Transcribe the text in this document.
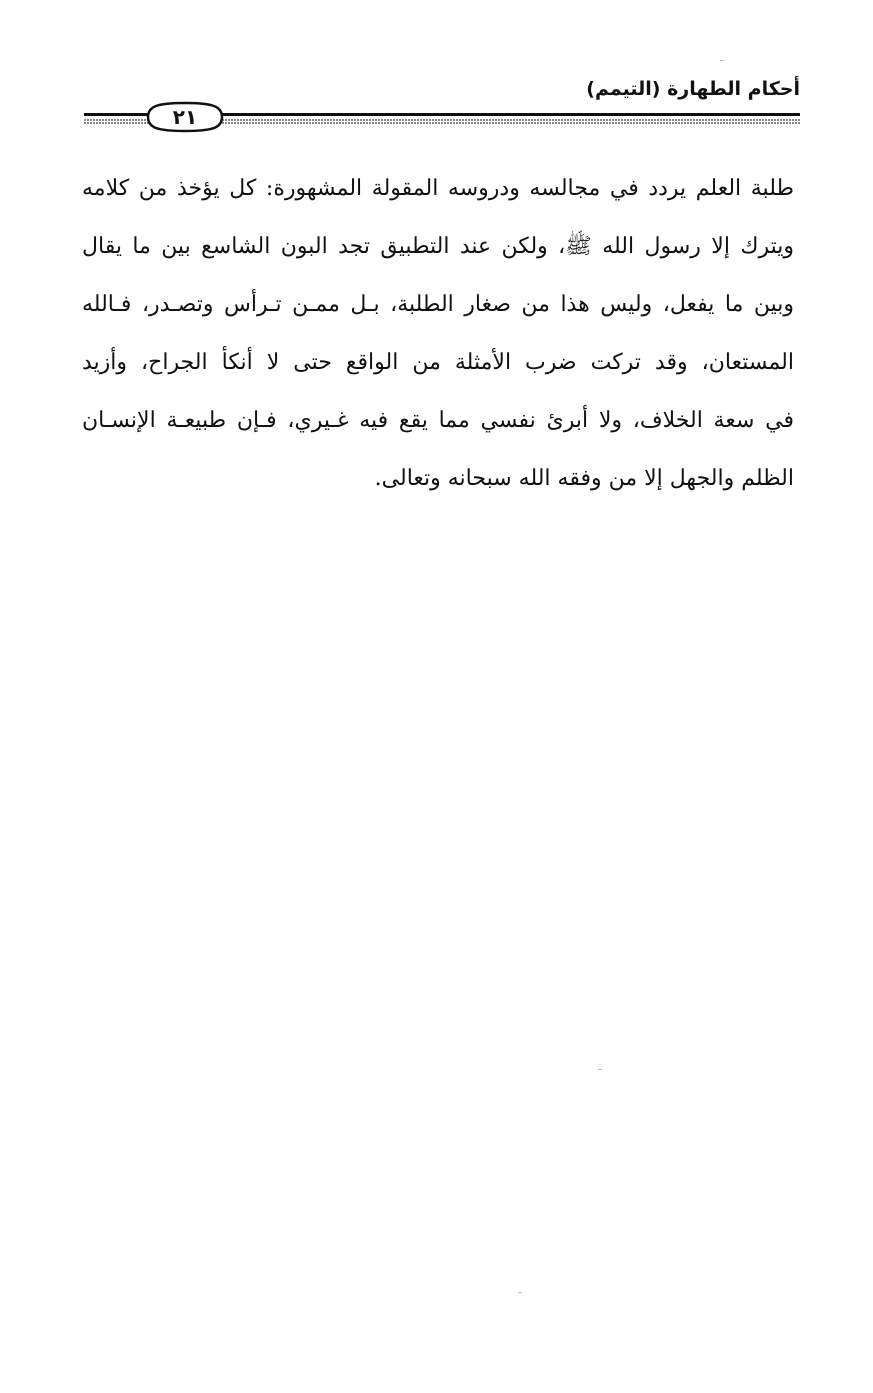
أحكام الطهارة (التيمم)
٢١
طلبة العلم يردد في مجالسه ودروسه المقولة المشهورة: كل يؤخذ من كلامه
ويترك إلا رسول الله ﷺ، ولكن عند التطبيق تجد البون الشاسع بين ما يقال
وبين ما يفعل، وليس هذا من صغار الطلبة، بـل ممـن تـرأس وتصـدر، فـالله
المستعان، وقد تركت ضرب الأمثلة من الواقع حتى لا أنكأ الجراح، وأزيد
في سعة الخلاف، ولا أبرئ نفسي مما يقع فيه غـيري، فـإن طبيعـة الإنسـان
الظلم والجهل إلا من وفقه الله سبحانه وتعالى.
